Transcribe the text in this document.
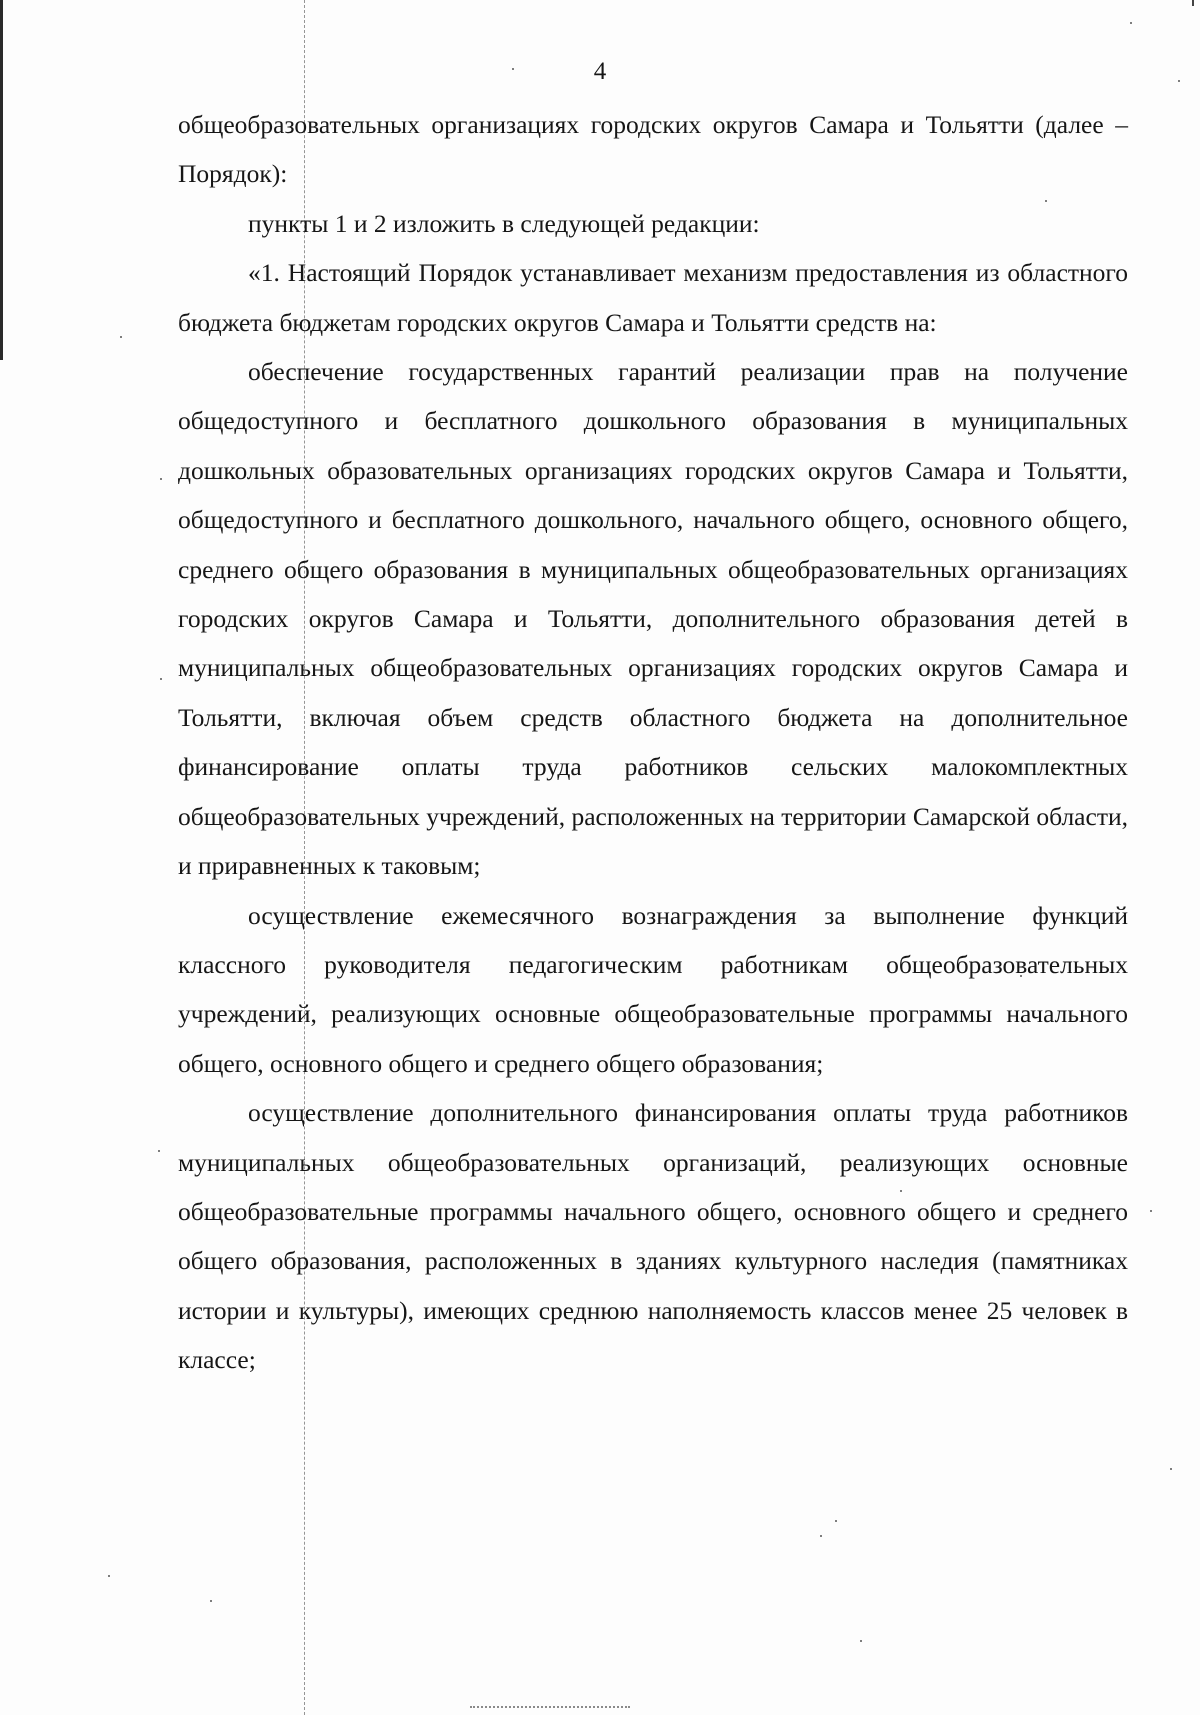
4

общеобразовательных организациях городских округов Самара и Тольятти (далее – Порядок):

пункты 1 и 2 изложить в следующей редакции:

«1. Настоящий Порядок устанавливает механизм предоставления из областного бюджета бюджетам городских округов Самара и Тольятти средств на:

обеспечение государственных гарантий реализации прав на получение общедоступного и бесплатного дошкольного образования в муниципальных дошкольных образовательных организациях городских округов Самара и Тольятти, общедоступного и бесплатного дошкольного, начального общего, основного общего, среднего общего образования в муниципальных общеобразовательных организациях городских округов Самара и Тольятти, дополнительного образования детей в муниципальных общеобразовательных организациях городских округов Самара и Тольятти, включая объем средств областного бюджета на дополнительное финансирование оплаты труда работников сельских малокомплектных общеобразовательных учреждений, расположенных на территории Самарской области, и приравненных к таковым;

осуществление ежемесячного вознаграждения за выполнение функций классного руководителя педагогическим работникам общеобразовательных учреждений, реализующих основные общеобразовательные программы начального общего, основного общего и среднего общего образования;

осуществление дополнительного финансирования оплаты труда работников муниципальных общеобразовательных организаций, реализующих основные общеобразовательные программы начального общего, основного общего и среднего общего образования, расположенных в зданиях культурного наследия (памятниках истории и культуры), имеющих среднюю наполняемость классов менее 25 человек в классе;
